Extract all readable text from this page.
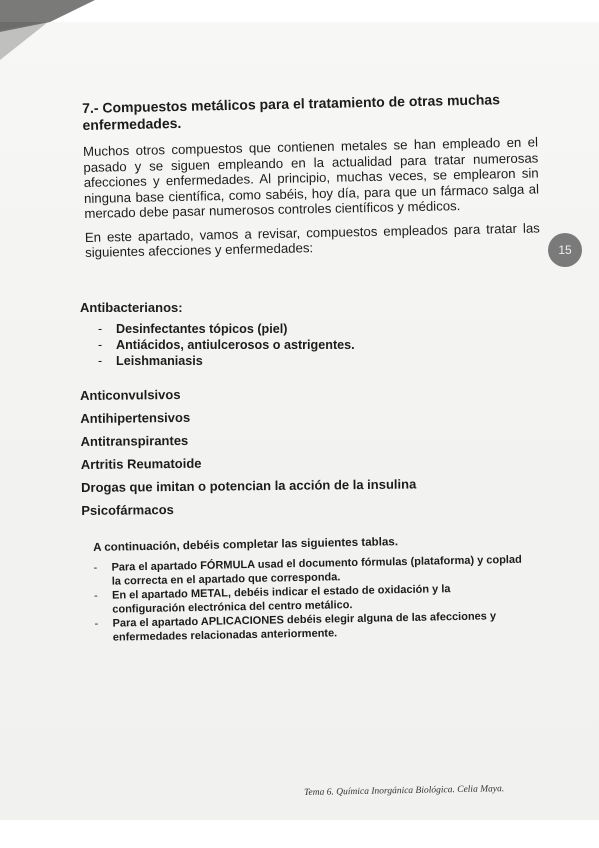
7.- Compuestos metálicos para el tratamiento de otras muchas enfermedades.

Muchos otros compuestos que contienen metales se han empleado en el pasado y se siguen empleando en la actualidad para tratar numerosas afecciones y enfermedades. Al principio, muchas veces, se emplearon sin ninguna base científica, como sabéis, hoy día, para que un fármaco salga al mercado debe pasar numerosos controles científicos y médicos.

En este apartado, vamos a revisar, compuestos empleados para tratar las siguientes afecciones y enfermedades:	15

Antibacterianos:

- Desinfectantes tópicos (piel)
- Antiácidos, antiulcerosos o astrigentes.
- Leishmaniasis

Anticonvulsivos

Antihipertensivos

Antitranspirantes

Artritis Reumatoide

Drogas que imitan o potencian la acción de la insulina

Psicofármacos

A continuación, debéis completar las siguientes tablas.

- Para el apartado FÓRMULA usad el documento fórmulas (plataforma) y coplad la correcta en el apartado que corresponda.
- En el apartado METAL, debéis indicar el estado de oxidación y la configuración electrónica del centro metálico.
- Para el apartado APLICACIONES debéis elegir alguna de las afecciones y enfermedades relacionadas anteriormente.
Tema 6. Química Inorgánica Biológica. Celia Maya.
